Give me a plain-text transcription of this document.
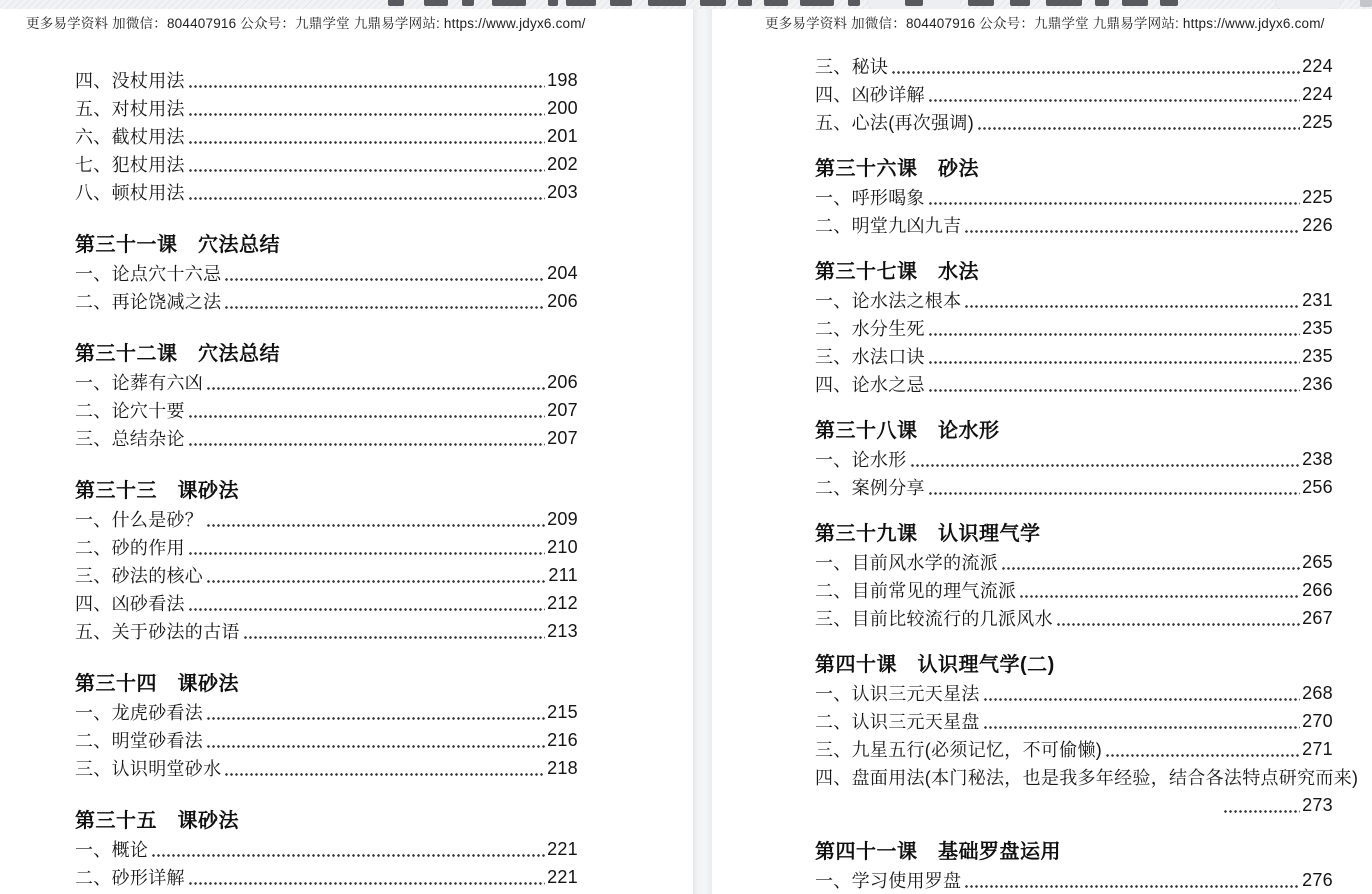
更多易学资料 加微信：804407916 公众号：九鼎学堂 九鼎易学网站: https://www.jdyx6.com/
四、没杖用法	198
五、对杖用法	200
六、截杖用法	201
七、犯杖用法	202
八、顿杖用法	203
第三十一课　穴法总结
一、论点穴十六忌	204
二、再论饶减之法	206
第三十二课　穴法总结
一、论葬有六凶	206
二、论穴十要	207
三、总结杂论	207
第三十三　课砂法
一、什么是砂？	209
二、砂的作用	210
三、砂法的核心	211
四、凶砂看法	212
五、关于砂法的古语	213
第三十四　课砂法
一、龙虎砂看法	215
二、明堂砂看法	216
三、认识明堂砂水	218
第三十五　课砂法
一、概论	221
二、砂形详解	221
更多易学资料 加微信：804407916 公众号：九鼎学堂 九鼎易学网站: https://www.jdyx6.com/
三、秘诀	224
四、凶砂详解	224
五、心法(再次强调)	225
第三十六课　砂法
一、呼形喝象	225
二、明堂九凶九吉	226
第三十七课　水法
一、论水法之根本	231
二、水分生死	235
三、水法口诀	235
四、论水之忌	236
第三十八课　论水形
一、论水形	238
二、案例分享	256
第三十九课　认识理气学
一、目前风水学的流派	265
二、目前常见的理气流派	266
三、目前比较流行的几派风水	267
第四十课　认识理气学(二)
一、认识三元天星法	268
二、认识三元天星盘	270
三、九星五行(必须记忆，不可偷懒)	271
四、盘面用法(本门秘法，也是我多年经验，结合各法特点研究而来)
273
第四十一课　基础罗盘运用
一、学习使用罗盘	276
